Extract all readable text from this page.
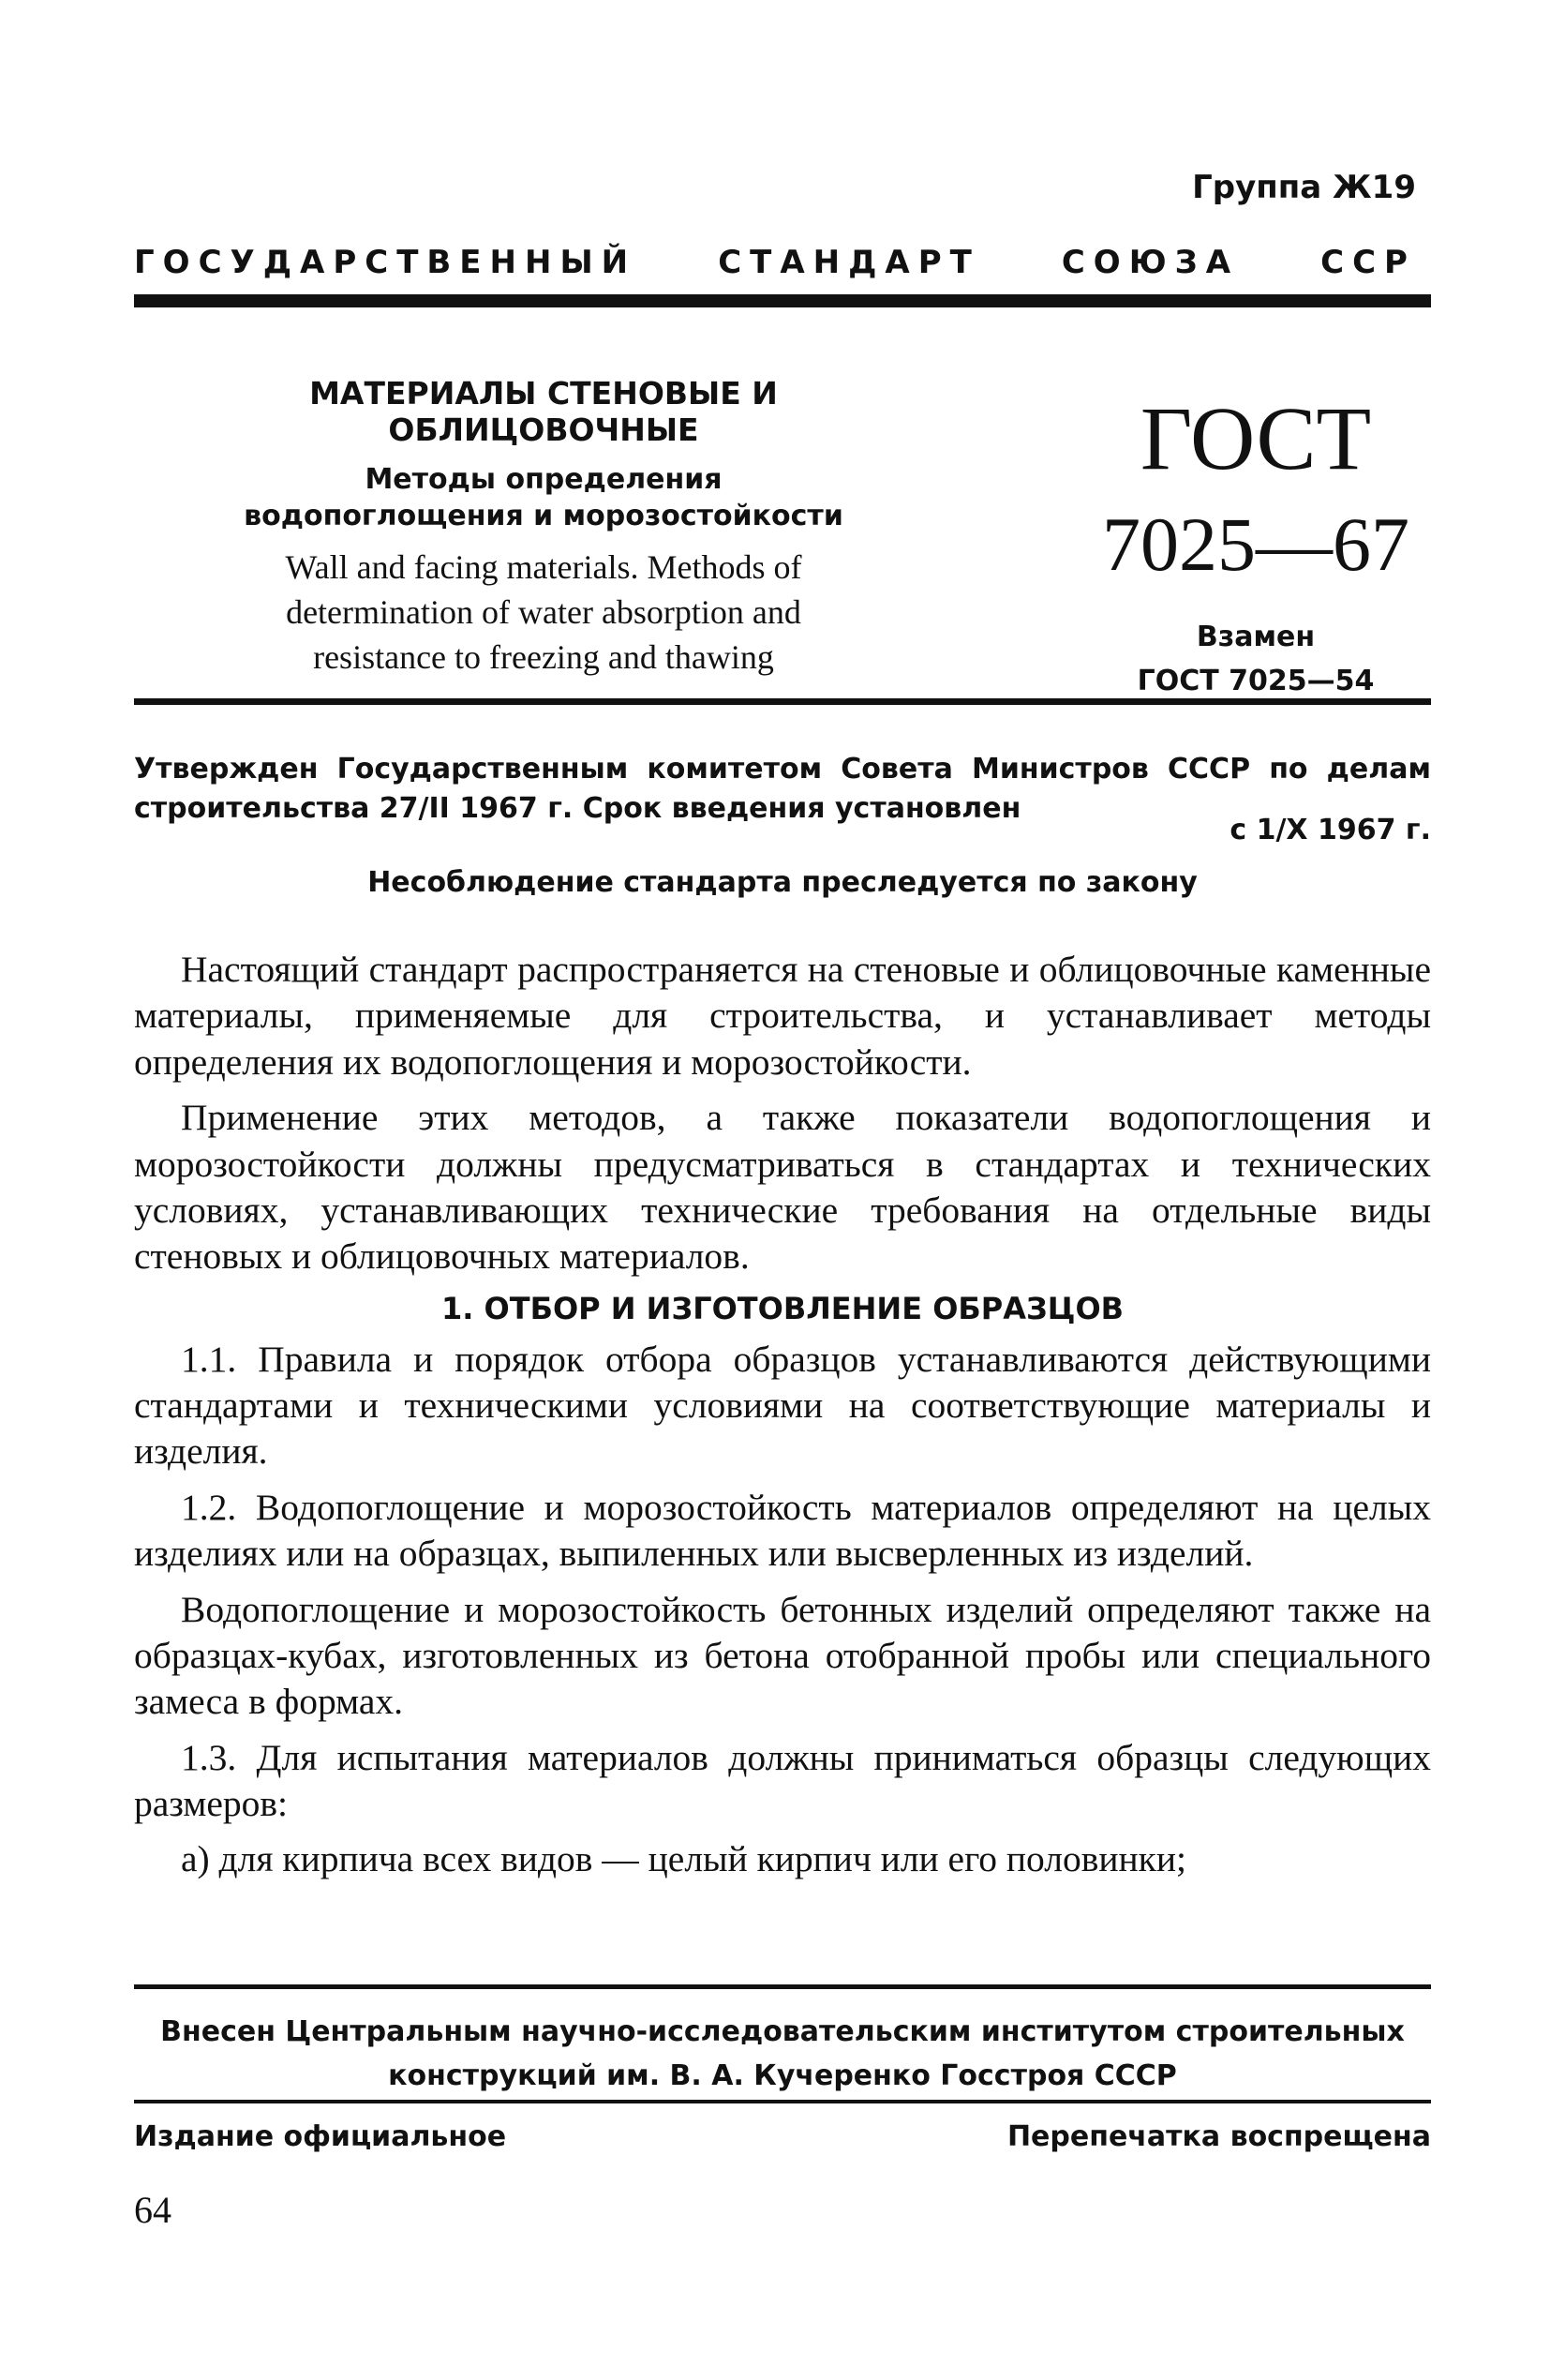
Группа Ж19
ГОСУДАРСТВЕННЫЙ	СТАНДАРТ	СОЮЗА	ССР
МАТЕРИАЛЫ СТЕНОВЫЕ И ОБЛИЦОВОЧНЫЕ
Методы определения
водопоглощения и морозостойкости
Wall and facing materials. Methods of
determination of water absorption and
resistance to freezing and thawing
ГОСТ
7025—67
Взамен
ГОСТ 7025—54
Утвержден Государственным комитетом Совета Министров СССР по делам строительства 27/II 1967 г. Срок введения установлен
с 1/X 1967 г.
Несоблюдение стандарта преследуется по закону

Настоящий стандарт распространяется на стеновые и облицовочные каменные материалы, применяемые для строительства, и устанавливает методы определения их водопоглощения и морозостойкости.

Применение этих методов, а также показатели водопоглощения и морозостойкости должны предусматриваться в стандартах и технических условиях, устанавливающих технические требования на отдельные виды стеновых и облицовочных материалов.

1. ОТБОР И ИЗГОТОВЛЕНИЕ ОБРАЗЦОВ

1.1. Правила и порядок отбора образцов устанавливаются действующими стандартами и техническими условиями на соответствующие материалы и изделия.

1.2. Водопоглощение и морозостойкость материалов определяют на целых изделиях или на образцах, выпиленных или высверленных из изделий.

Водопоглощение и морозостойкость бетонных изделий определяют также на образцах-кубах, изготовленных из бетона отобранной пробы или специального замеса в формах.

1.3. Для испытания материалов должны приниматься образцы следующих размеров:

а) для кирпича всех видов — целый кирпич или его половинки;

Внесен Центральным научно-исследовательским институтом строительных
конструкций им. В. А. Кучеренко Госстроя СССР
Издание официальное	Перепечатка воспрещена
64
